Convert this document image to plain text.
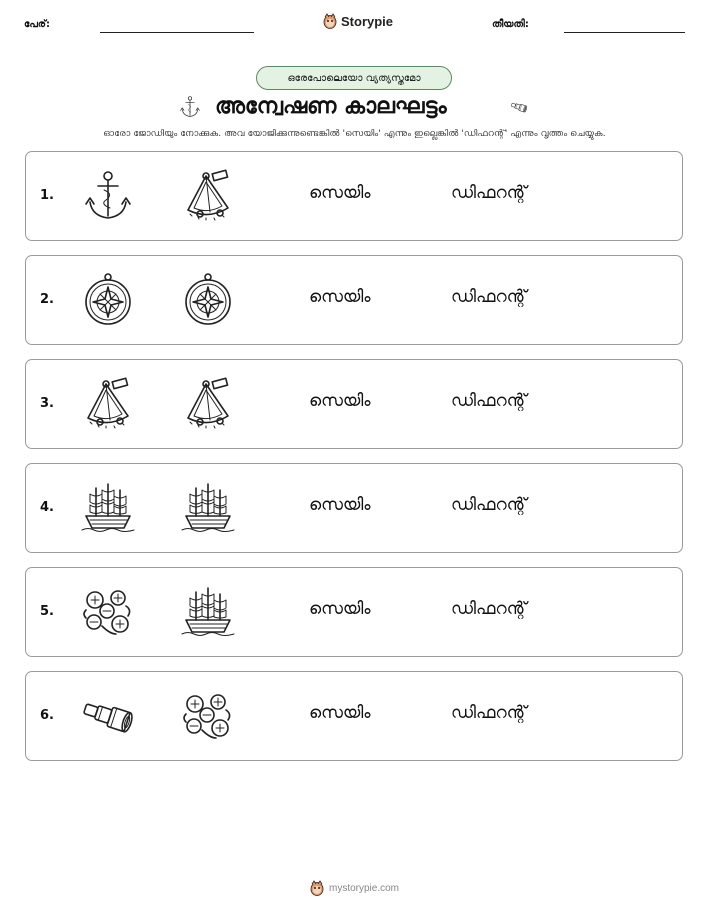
പേര്:	Storypie	തീയതി:
ഒരേപോലെയോ വ്യത്യസ്തമോ
അന്വേഷണ കാലഘട്ടം
ഓരോ ജോഡിയും നോക്കുക. അവ യോജിക്കുന്നുണ്ടെങ്കിൽ 'സെയിം' എന്നും ഇല്ലെങ്കിൽ 'ഡിഫറന്റ്' എന്നും വൃത്തം ചെയ്യുക.
1.	സെയിം	ഡിഫറന്റ്
2.	സെയിം	ഡിഫറന്റ്
3.	സെയിം	ഡിഫറന്റ്
4.	സെയിം	ഡിഫറന്റ്
5.	സെയിം	ഡിഫറന്റ്
6.	സെയിം	ഡിഫറന്റ്
mystorypie.com
